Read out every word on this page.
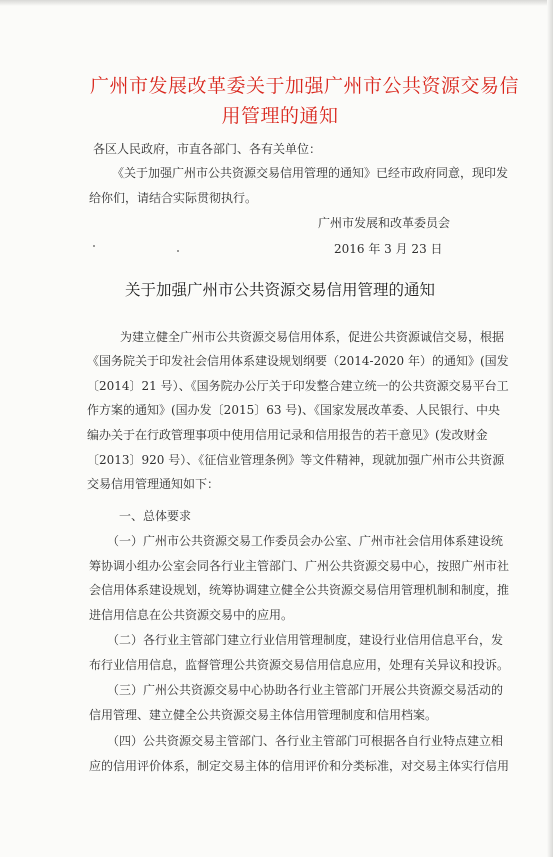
广州市发展改革委关于加强广州市公共资源交易信
用管理的通知
各区人民政府，市直各部门、各有关单位：
《关于加强广州市公共资源交易信用管理的通知》已经市政府同意，现印发
给你们，请结合实际贯彻执行。
广州市发展和改革委员会
2016 年 3 月 23 日
关于加强广州市公共资源交易信用管理的通知
为建立健全广州市公共资源交易信用体系，促进公共资源诚信交易，根据
《国务院关于印发社会信用体系建设规划纲要（2014-2020 年）的通知》(国发
〔2014〕21 号）、《国务院办公厅关于印发整合建立统一的公共资源交易平台工
作方案的通知》(国办发〔2015〕63 号)、《国家发展改革委、人民银行、中央
编办关于在行政管理事项中使用信用记录和信用报告的若干意见》(发改财金
〔2013〕920 号）、《征信业管理条例》等文件精神，现就加强广州市公共资源
交易信用管理通知如下：
一、总体要求
（一）广州市公共资源交易工作委员会办公室、广州市社会信用体系建设统
筹协调小组办公室会同各行业主管部门、广州公共资源交易中心，按照广州市社
会信用体系建设规划，统筹协调建立健全公共资源交易信用管理机制和制度，推
进信用信息在公共资源交易中的应用。
（二）各行业主管部门建立行业信用管理制度，建设行业信用信息平台，发
布行业信用信息，监督管理公共资源交易信用信息应用，处理有关异议和投诉。
（三）广州公共资源交易中心协助各行业主管部门开展公共资源交易活动的
信用管理、建立健全公共资源交易主体信用管理制度和信用档案。
（四）公共资源交易主管部门、各行业主管部门可根据各自行业特点建立相
应的信用评价体系，制定交易主体的信用评价和分类标准，对交易主体实行信用
